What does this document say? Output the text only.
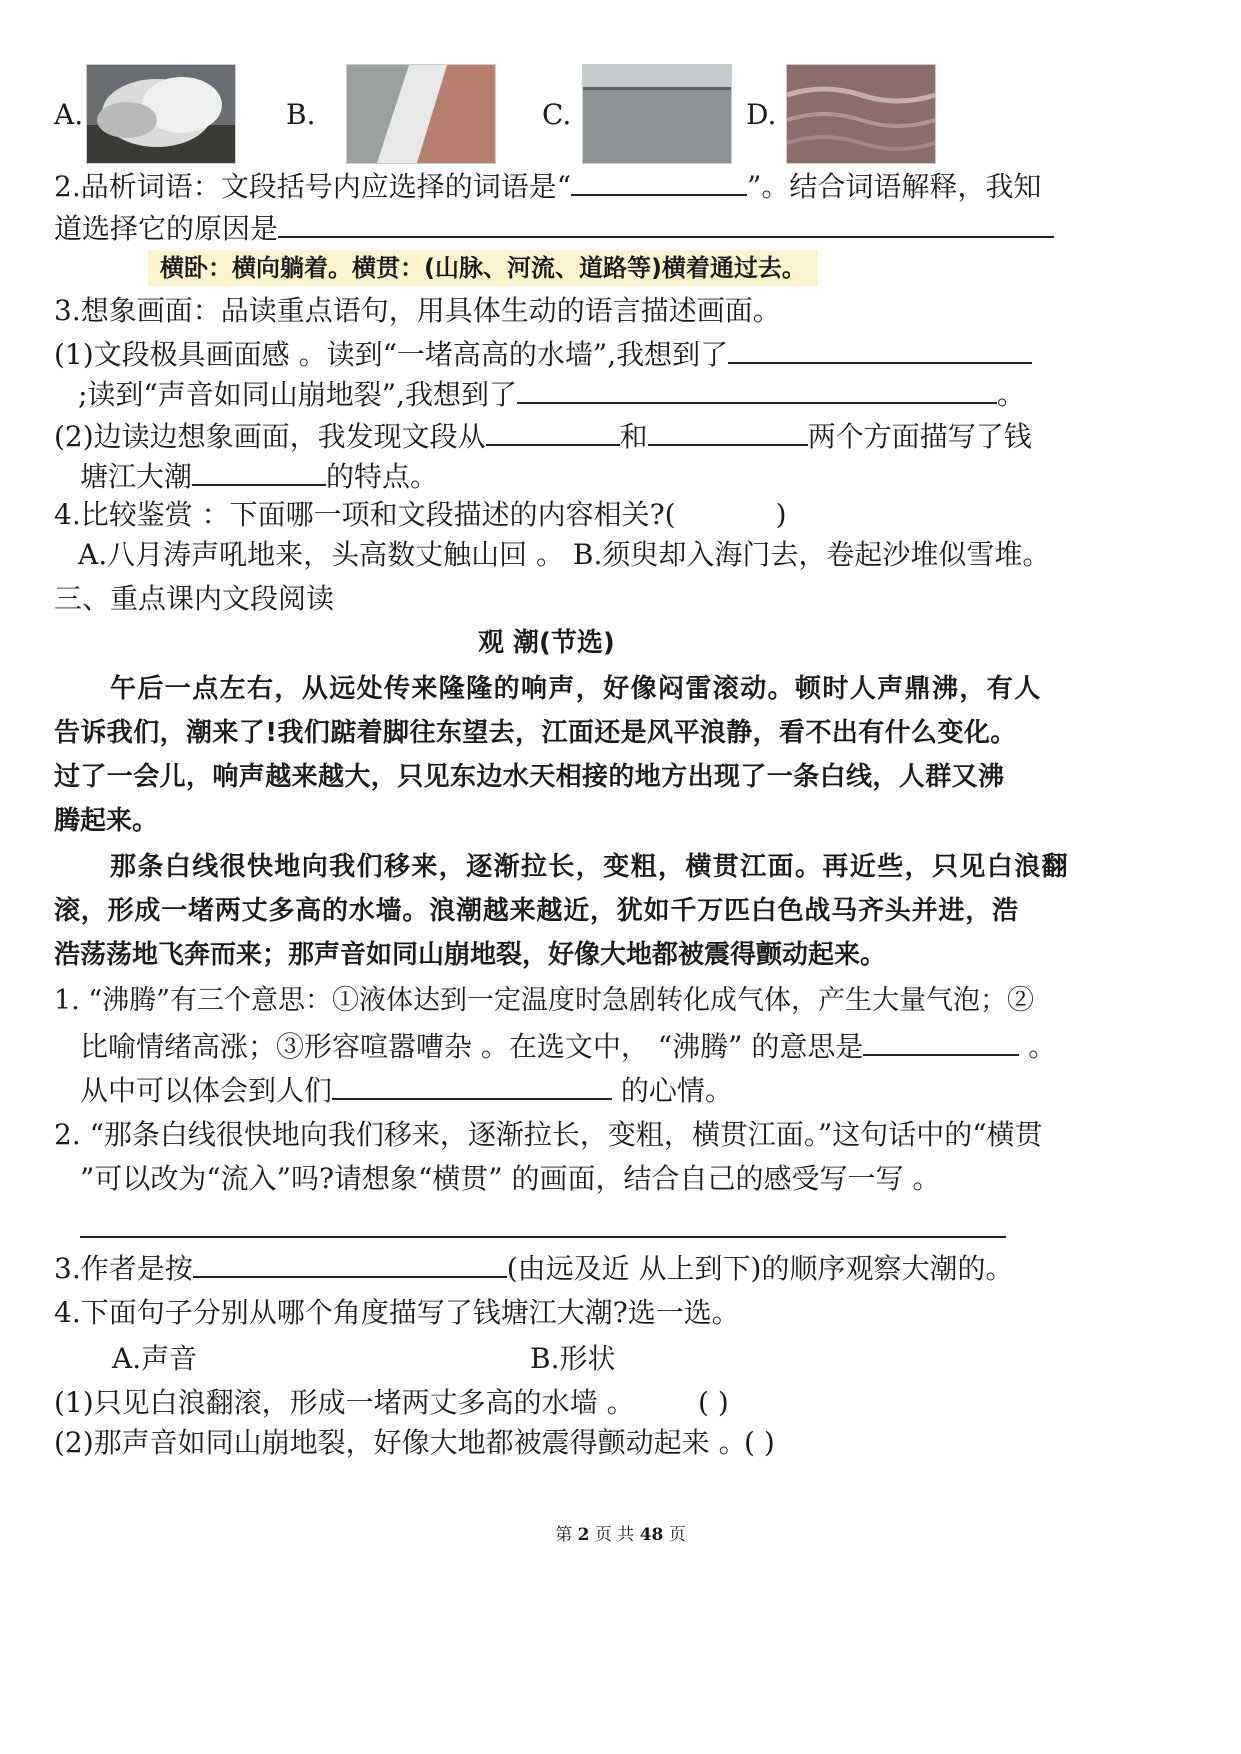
A.	B.	C.	D.
2.品析词语：文段括号内应选择的词语是“	”。结合词语解释，我知
道选择它的原因是
横卧：横向躺着。横贯：(山脉、河流、道路等)横着通过去。
3.想象画面：品读重点语句，用具体生动的语言描述画面。
(1)文段极具画面感 。读到“一堵高高的水墙”,我想到了
;读到“声音如同山崩地裂”,我想到了	。
(2)边读边想象画面，我发现文段从	和	两个方面描写了钱
塘江大潮	的特点。
4.比较鉴赏 ：下面哪一项和文段描述的内容相关?(	)
A.八月涛声吼地来，头高数丈触山回 。 B.须臾却入海门去，卷起沙堆似雪堆。
三、重点课内文段阅读
观 潮(节选)
午后一点左右，从远处传来隆隆的响声，好像闷雷滚动。顿时人声鼎沸，有人
告诉我们，潮来了!我们踮着脚往东望去，江面还是风平浪静，看不出有什么变化。
过了一会儿，响声越来越大，只见东边水天相接的地方出现了一条白线，人群又沸
腾起来。
那条白线很快地向我们移来，逐渐拉长，变粗，横贯江面。再近些，只见白浪翻
滚，形成一堵两丈多高的水墙。浪潮越来越近，犹如千万匹白色战马齐头并进，浩
浩荡荡地飞奔而来；那声音如同山崩地裂，好像大地都被震得颤动起来。
1. “沸腾”有三个意思：①液体达到一定温度时急剧转化成气体，产生大量气泡；②
比喻情绪高涨；③形容喧嚣嘈杂 。在选文中， “沸腾” 的意思是	。
从中可以体会到人们	的心情。
2. “那条白线很快地向我们移来，逐渐拉长，变粗，横贯江面。”这句话中的“横贯
”可以改为“流入”吗?请想象“横贯” 的画面，结合自己的感受写一写 。
3.作者是按	(由远及近 从上到下)的顺序观察大潮的。
4.下面句子分别从哪个角度描写了钱塘江大潮?选一选。
A.声音	B.形状
(1)只见白浪翻滚，形成一堵两丈多高的水墙 。 ( )
(2)那声音如同山崩地裂，好像大地都被震得颤动起来 。
( )
第 2 页 共 48 页
